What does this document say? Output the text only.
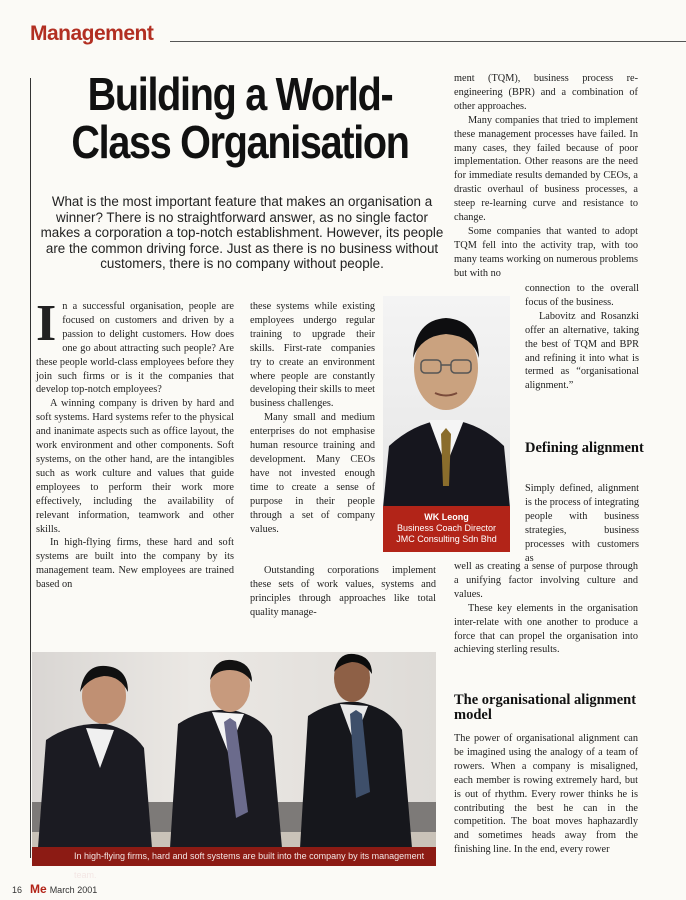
Management
Building a World-Class Organisation

What is the most important feature that makes an organisation a winner? There is no straightforward answer, as no single factor makes a corporation a top-notch establishment. However, its people are the common driving force. Just as there is no business without customers, there is no company without people.

In a successful organisation, people are focused on customers and driven by a passion to delight customers. How does one go about attracting such people? Are these people world-class employees before they join such firms or is it the companies that develop top-notch employees?

A winning company is driven by hard and soft systems. Hard systems refer to the physical and inanimate aspects such as office layout, the work environment and other components. Soft systems, on the other hand, are the intangibles such as work culture and values that guide employees to perform their work more effectively, including the availability of relevant information, teamwork and other skills.

In high-flying firms, these hard and soft systems are built into the company by its management team. New employees are trained based on

these systems while existing employees undergo regular training to upgrade their skills. First-rate companies try to create an environment where people are constantly developing their skills to meet business challenges.

Many small and medium enterprises do not emphasise human resource training and development. Many CEOs have not invested enough time to create a sense of purpose in their people through a set of company values.

Outstanding corporations implement these sets of work values, systems and principles through approaches like total quality manage-

ment (TQM), business process re-engineering (BPR) and a combination of other approaches.

Many companies that tried to implement these management processes have failed. In many cases, they failed because of poor implementation. Other reasons are the need for immediate results demanded by CEOs, a drastic overhaul of business processes, a steep re-learning curve and resistance to change.

Some companies that wanted to adopt TQM fell into the activity trap, with too many teams working on numerous problems but with no

connection to the overall focus of the business.

Labovitz and Rosanzki offer an alternative, taking the best of TQM and BPR and refining it into what is termed as “organisational alignment.”

Defining alignment

Simply defined, alignment is the process of integrating people with business strategies, business processes with customers as

well as creating a sense of purpose through a unifying factor involving culture and values.

These key elements in the organisation inter-relate with one another to produce a force that can propel the organisation into achieving sterling results.

The organisational alignment model

The power of organisational alignment can be imagined using the analogy of a team of rowers. When a company is misaligned, each member is rowing extremely hard, but is out of rhythm. Every rower thinks he is contributing the best he can in the competition. The boat moves haphazardly and sometimes heads away from the finishing line. In the end, every rower

WK Leong
Business Coach Director
JMC Consulting Sdn Bhd
In high-flying firms, hard and soft systems are built into the company by its management team.
16 Me March 2001
